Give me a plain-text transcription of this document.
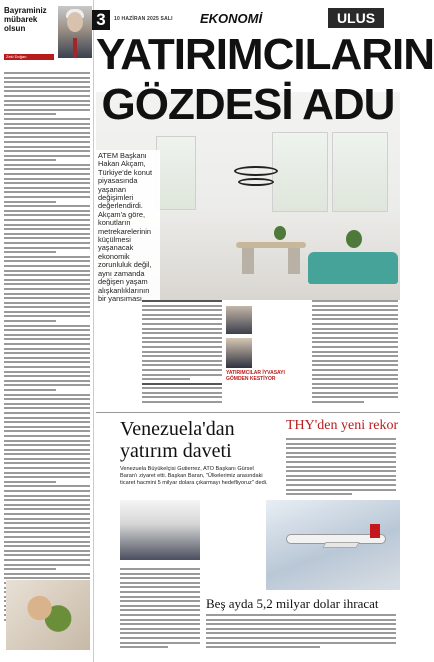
Bayraminiz mübarek olsun
Zeki Doğan
3	10 HAZİRAN 2025 SALI EKONOMİ	ULUS
YATIRIMCILARIN
GÖZDESİ ADU
ATEM Başkanı Hakan Akçam, Türkiye'de konut piyasasında yaşanan değişimleri değerlendirdi. Akçam'a göre, konutların metrekarelerinin küçülmesi yaşanacak ekonomik zorunluluk değil, aynı zamanda değişen yaşam alışkanlıklarının bir yansıması
YATIRIMCILAR İYVASAYI GÖMDEN KESTİYOR
Venezuela'dan yatırım daveti
Venezuela Büyükelçisi Gutierrez, ATO Başkanı Gürsel Baran'ı ziyaret etti. Başkan Baran, "Ülkelerimiz arasındaki ticaret hacmini 5 milyar dolara çıkarmayı hedefliyoruz" dedi.
THY'den yeni rekor
Beş ayda 5,2 milyar dolar ihracat
